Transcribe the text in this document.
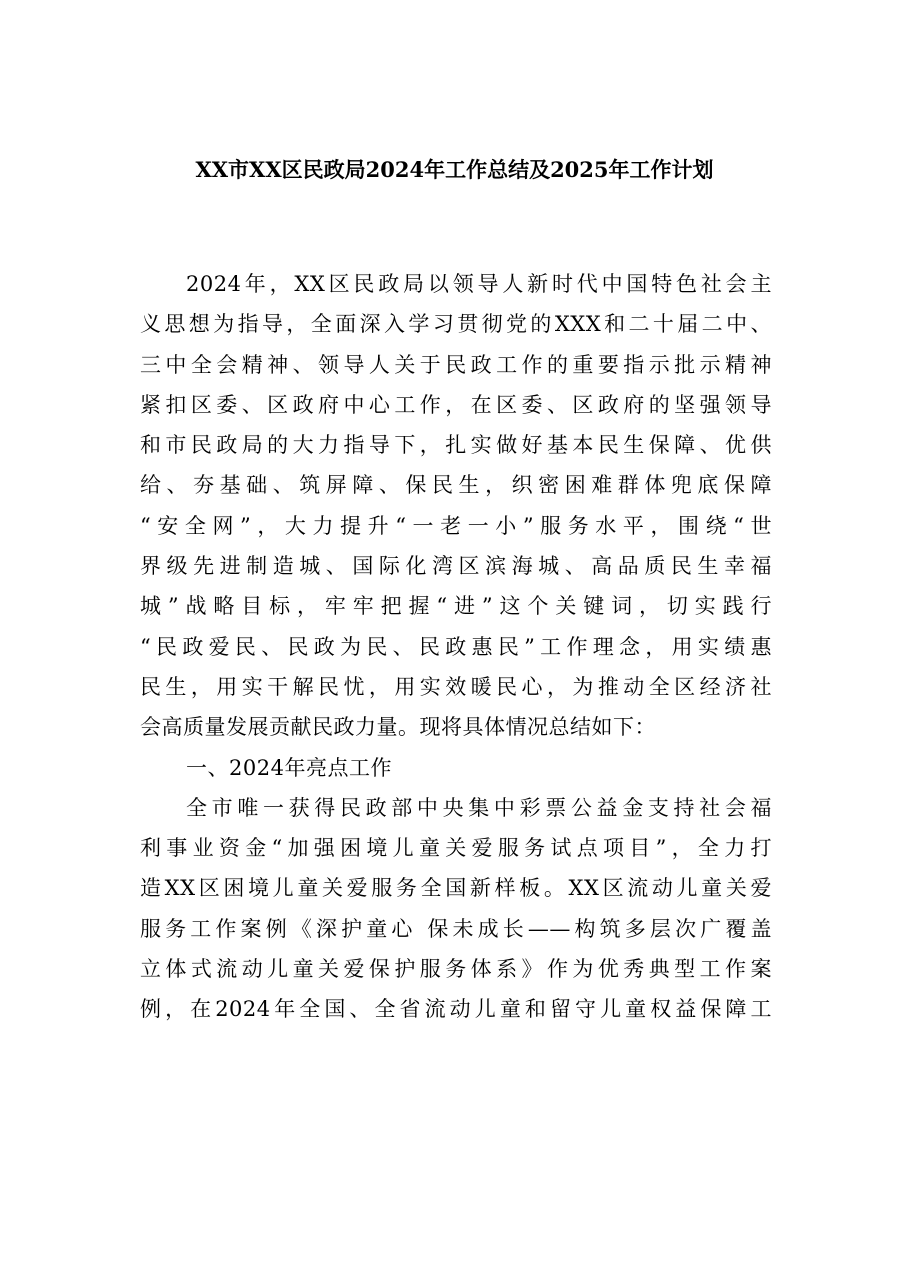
XX市XX区民政局2024年工作总结及2025年工作计划
2024年，XX区民政局以领导人新时代中国特色社会主
义思想为指导，全面深入学习贯彻党的XXX和二十届二中、
三中全会精神、领导人关于民政工作的重要指示批示精神
紧扣区委、区政府中心工作，在区委、区政府的坚强领导
和市民政局的大力指导下，扎实做好基本民生保障、优供
给、夯基础、筑屏障、保民生，织密困难群体兜底保障
“安全网”，大力提升“一老一小”服务水平，围绕“世
界级先进制造城、国际化湾区滨海城、高品质民生幸福
城”战略目标，牢牢把握“进”这个关键词，切实践行
“民政爱民、民政为民、民政惠民”工作理念，用实绩惠
民生，用实干解民忧，用实效暖民心，为推动全区经济社
会高质量发展贡献民政力量。现将具体情况总结如下：
一、2024年亮点工作
全市唯一获得民政部中央集中彩票公益金支持社会福
利事业资金“加强困境儿童关爱服务试点项目”，全力打
造XX区困境儿童关爱服务全国新样板。XX区流动儿童关爱
服务工作案例《深护童心 保未成长——构筑多层次广覆盖
立体式流动儿童关爱保护服务体系》作为优秀典型工作案
例，在2024年全国、全省流动儿童和留守儿童权益保障工
